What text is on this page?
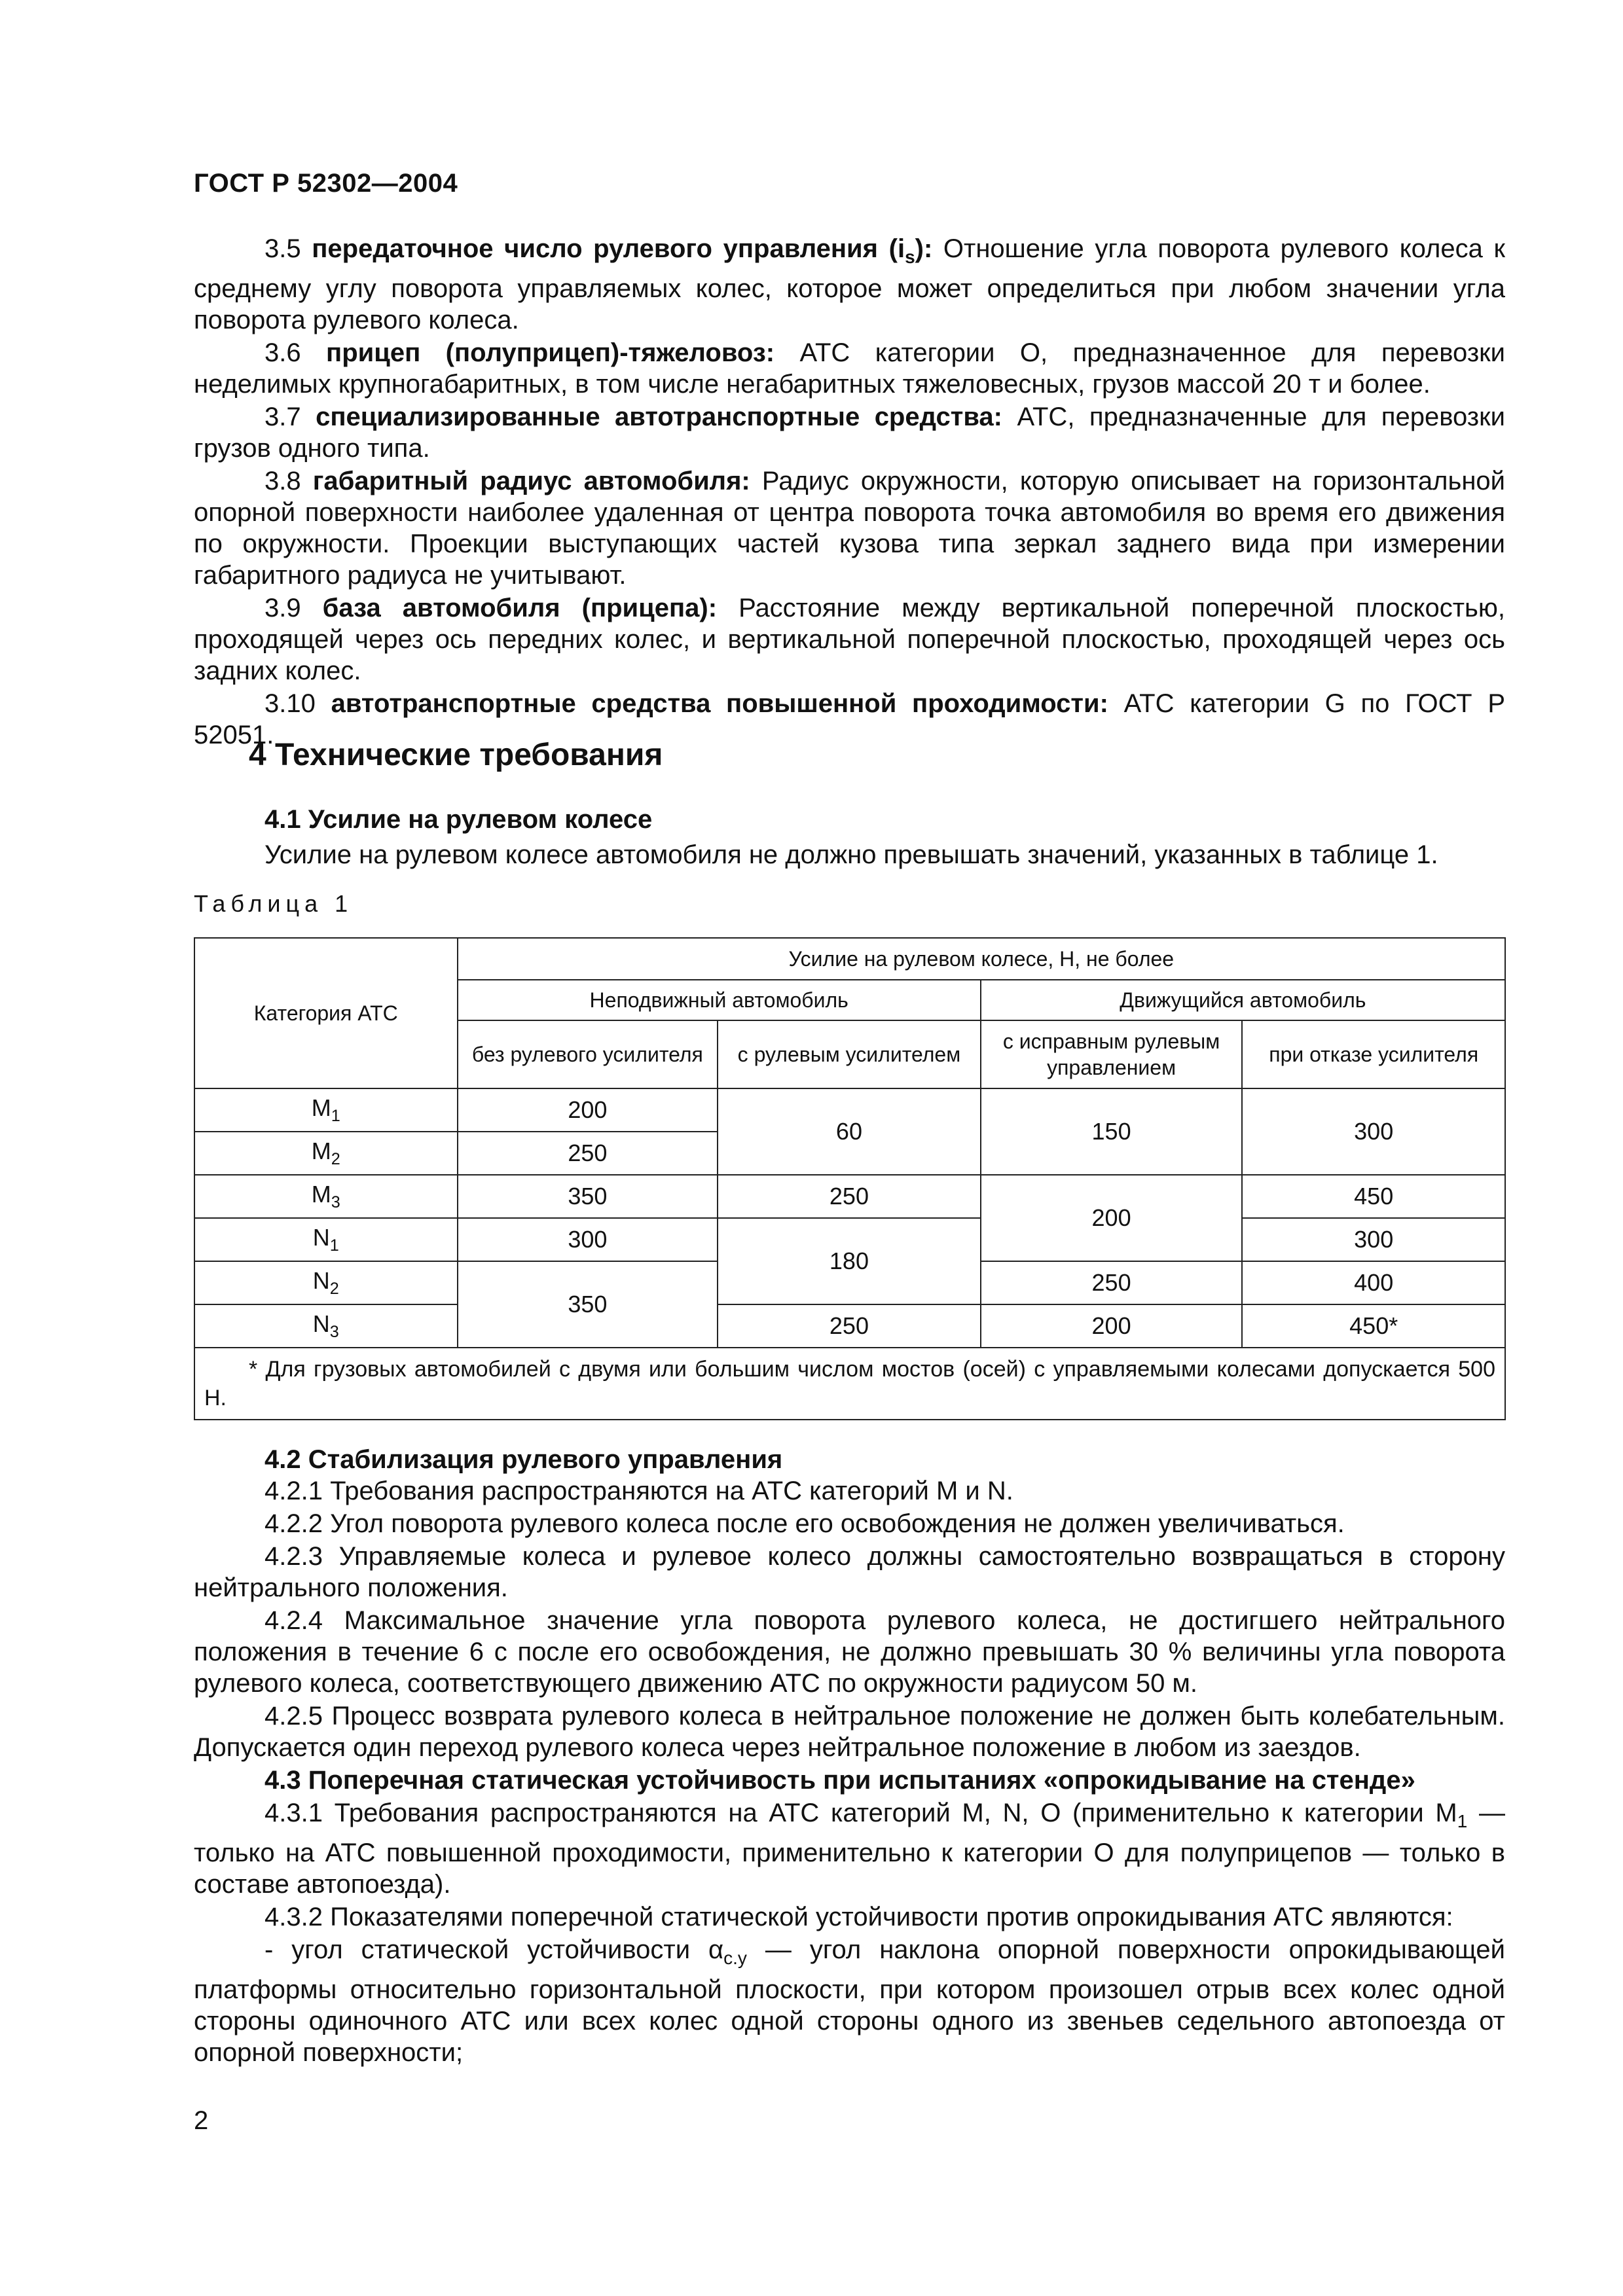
ГОСТ Р 52302—2004

3.5 передаточное число рулевого управления $(i_s)$: Отношение угла поворота рулевого колеса к среднему углу поворота управляемых колес, которое может определиться при любом значении угла поворота рулевого колеса.

3.6 прицеп (полуприцеп)-тяжеловоз: АТС категории О, предназначенное для перевозки неделимых крупногабаритных, в том числе негабаритных тяжеловесных, грузов массой 20 т и более.

3.7 специализированные автотранспортные средства: АТС, предназначенные для перевозки грузов одного типа.

3.8 габаритный радиус автомобиля: Радиус окружности, которую описывает на горизонтальной опорной поверхности наиболее удаленная от центра поворота точка автомобиля во время его движения по окружности. Проекции выступающих частей кузова типа зеркал заднего вида при измерении габаритного радиуса не учитывают.

3.9 база автомобиля (прицепа): Расстояние между вертикальной поперечной плоскостью, проходящей через ось передних колес, и вертикальной поперечной плоскостью, проходящей через ось задних колес.

3.10 автотранспортные средства повышенной проходимости: АТС категории G по ГОСТ Р 52051.

4 Технические требования
4.1 Усилие на рулевом колесе
Усилие на рулевом колесе автомобиля не должно превышать значений, указанных в таблице 1.
Таблица 1
Категория АТС	Усилие на рулевом колесе, Н, не более			
	Неподвижный автомобиль		Движущийся автомобиль	
	без рулевого усилителя	с рулевым усилителем	с исправным рулевым управлением	при отказе усилителя
$M_1$	200	60	150	300
$M_2$	250			
$M_3$	350	250	200	450
$N_1$	300	180		300
$N_2$	350		250	400
$N_3$		250	200	450*
* Для грузовых автомобилей с двумя или большим числом мостов (осей) с управляемыми колесами допускается 500 Н.				
4.2 Стабилизация рулевого управления

4.2.1 Требования распространяются на АТС категорий М и N.

4.2.2 Угол поворота рулевого колеса после его освобождения не должен увеличиваться.

4.2.3 Управляемые колеса и рулевое колесо должны самостоятельно возвращаться в сторону нейтрального положения.

4.2.4 Максимальное значение угла поворота рулевого колеса, не достигшего нейтрального положения в течение 6 с после его освобождения, не должно превышать 30 % величины угла поворота рулевого колеса, соответствующего движению АТС по окружности радиусом 50 м.

4.2.5 Процесс возврата рулевого колеса в нейтральное положение не должен быть колебательным. Допускается один переход рулевого колеса через нейтральное положение в любом из заездов.

4.3 Поперечная статическая устойчивость при испытаниях «опрокидывание на стенде»

4.3.1 Требования распространяются на АТС категорий М, N, О (применительно к категории $М_1$ — только на АТС повышенной проходимости, применительно к категории О для полуприцепов — только в составе автопоезда).

4.3.2 Показателями поперечной статической устойчивости против опрокидывания АТС являются:

- угол статической устойчивости $\alpha_{с.у}$ — угол наклона опорной поверхности опрокидывающей платформы относительно горизонтальной плоскости, при котором произошел отрыв всех колес одной стороны одиночного АТС или всех колес одной стороны одного из звеньев седельного автопоезда от опорной поверхности;

2
